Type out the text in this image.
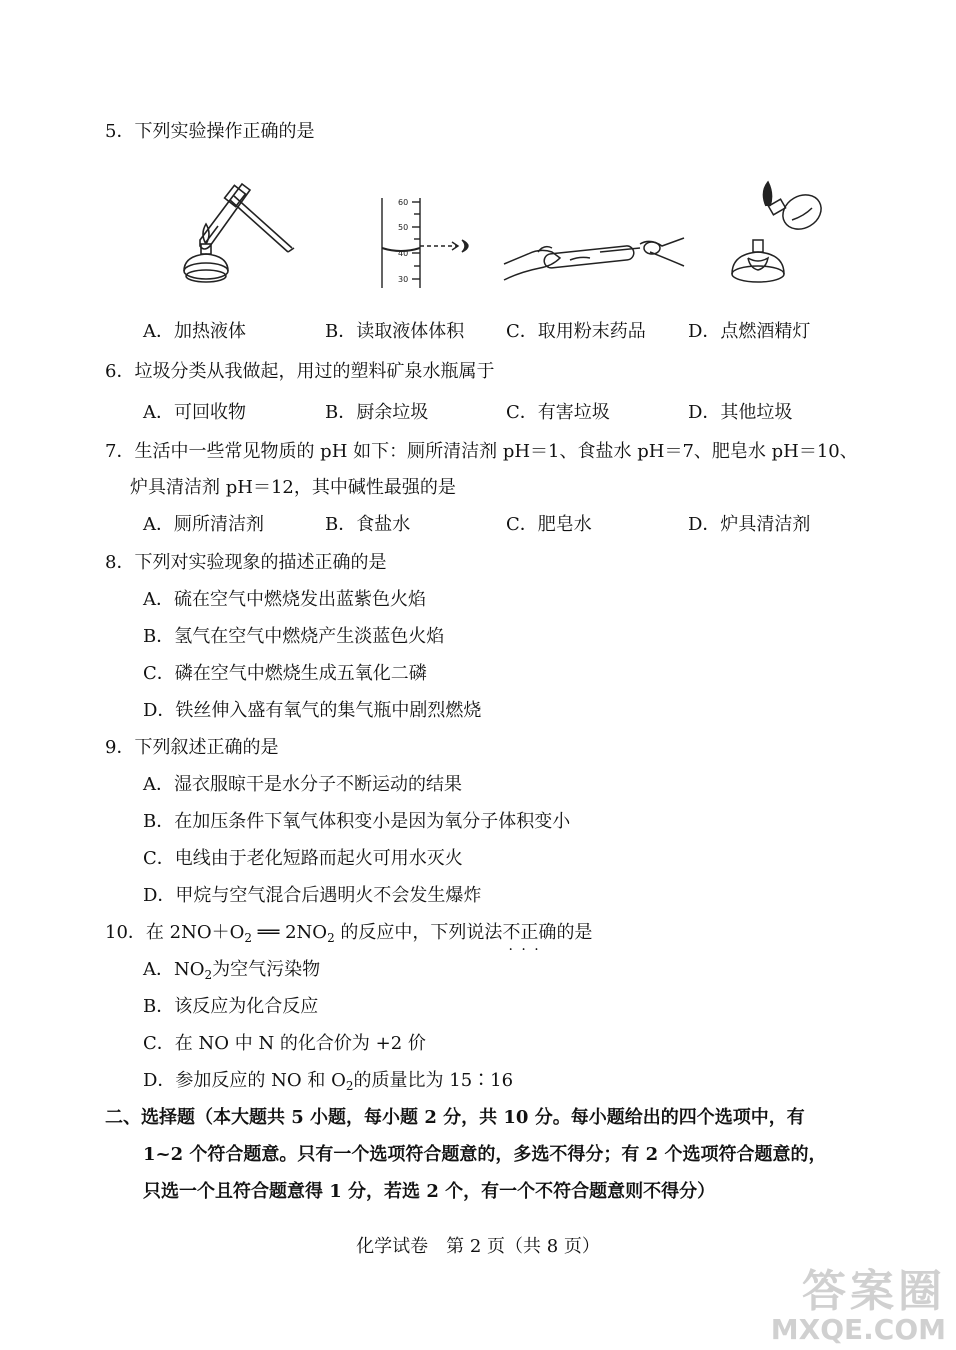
5．下列实验操作正确的是
60
50
40
30
A．加热液体	B．读取液体体积 C．取用粉末药品 D．点燃酒精灯
6．垃圾分类从我做起，用过的塑料矿泉水瓶属于
A．可回收物	B．厨余垃圾	C．有害垃圾	D．其他垃圾
7．生活中一些常见物质的 pH 如下：厕所清洁剂 pH＝1、食盐水 pH＝7、肥皂水 pH＝10、
炉具清洁剂 pH＝12，其中碱性最强的是
A．厕所清洁剂	B．食盐水	C．肥皂水	D．炉具清洁剂
8．下列对实验现象的描述正确的是
A．硫在空气中燃烧发出蓝紫色火焰
B．氢气在空气中燃烧产生淡蓝色火焰
C．磷在空气中燃烧生成五氧化二磷
D．铁丝伸入盛有氧气的集气瓶中剧烈燃烧
9．下列叙述正确的是
A．湿衣服晾干是水分子不断运动的结果
B．在加压条件下氧气体积变小是因为氧分子体积变小
C．电线由于老化短路而起火可用水灭火
D．甲烷与空气混合后遇明火不会发生爆炸
10．在 $2NO+O_2$ ══ $2NO_2$ 的反应中，下列说法不正确 · · ·的是
A．$NO_2$为空气污染物
B．该反应为化合反应
C．在 NO 中 N 的化合价为 +2 价
D．参加反应的 NO 和 $O_2$的质量比为 15∶16
二、选择题（本大题共 5 小题，每小题 2 分，共 10 分。每小题给出的四个选项中，有
1~2 个符合题意。只有一个选项符合题意的，多选不得分；有 2 个选项符合题意的，
只选一个且符合题意得 1 分，若选 2 个，有一个不符合题意则不得分）
化学试卷　第 2 页（共 8 页）
答案圈
MXQE.COM
